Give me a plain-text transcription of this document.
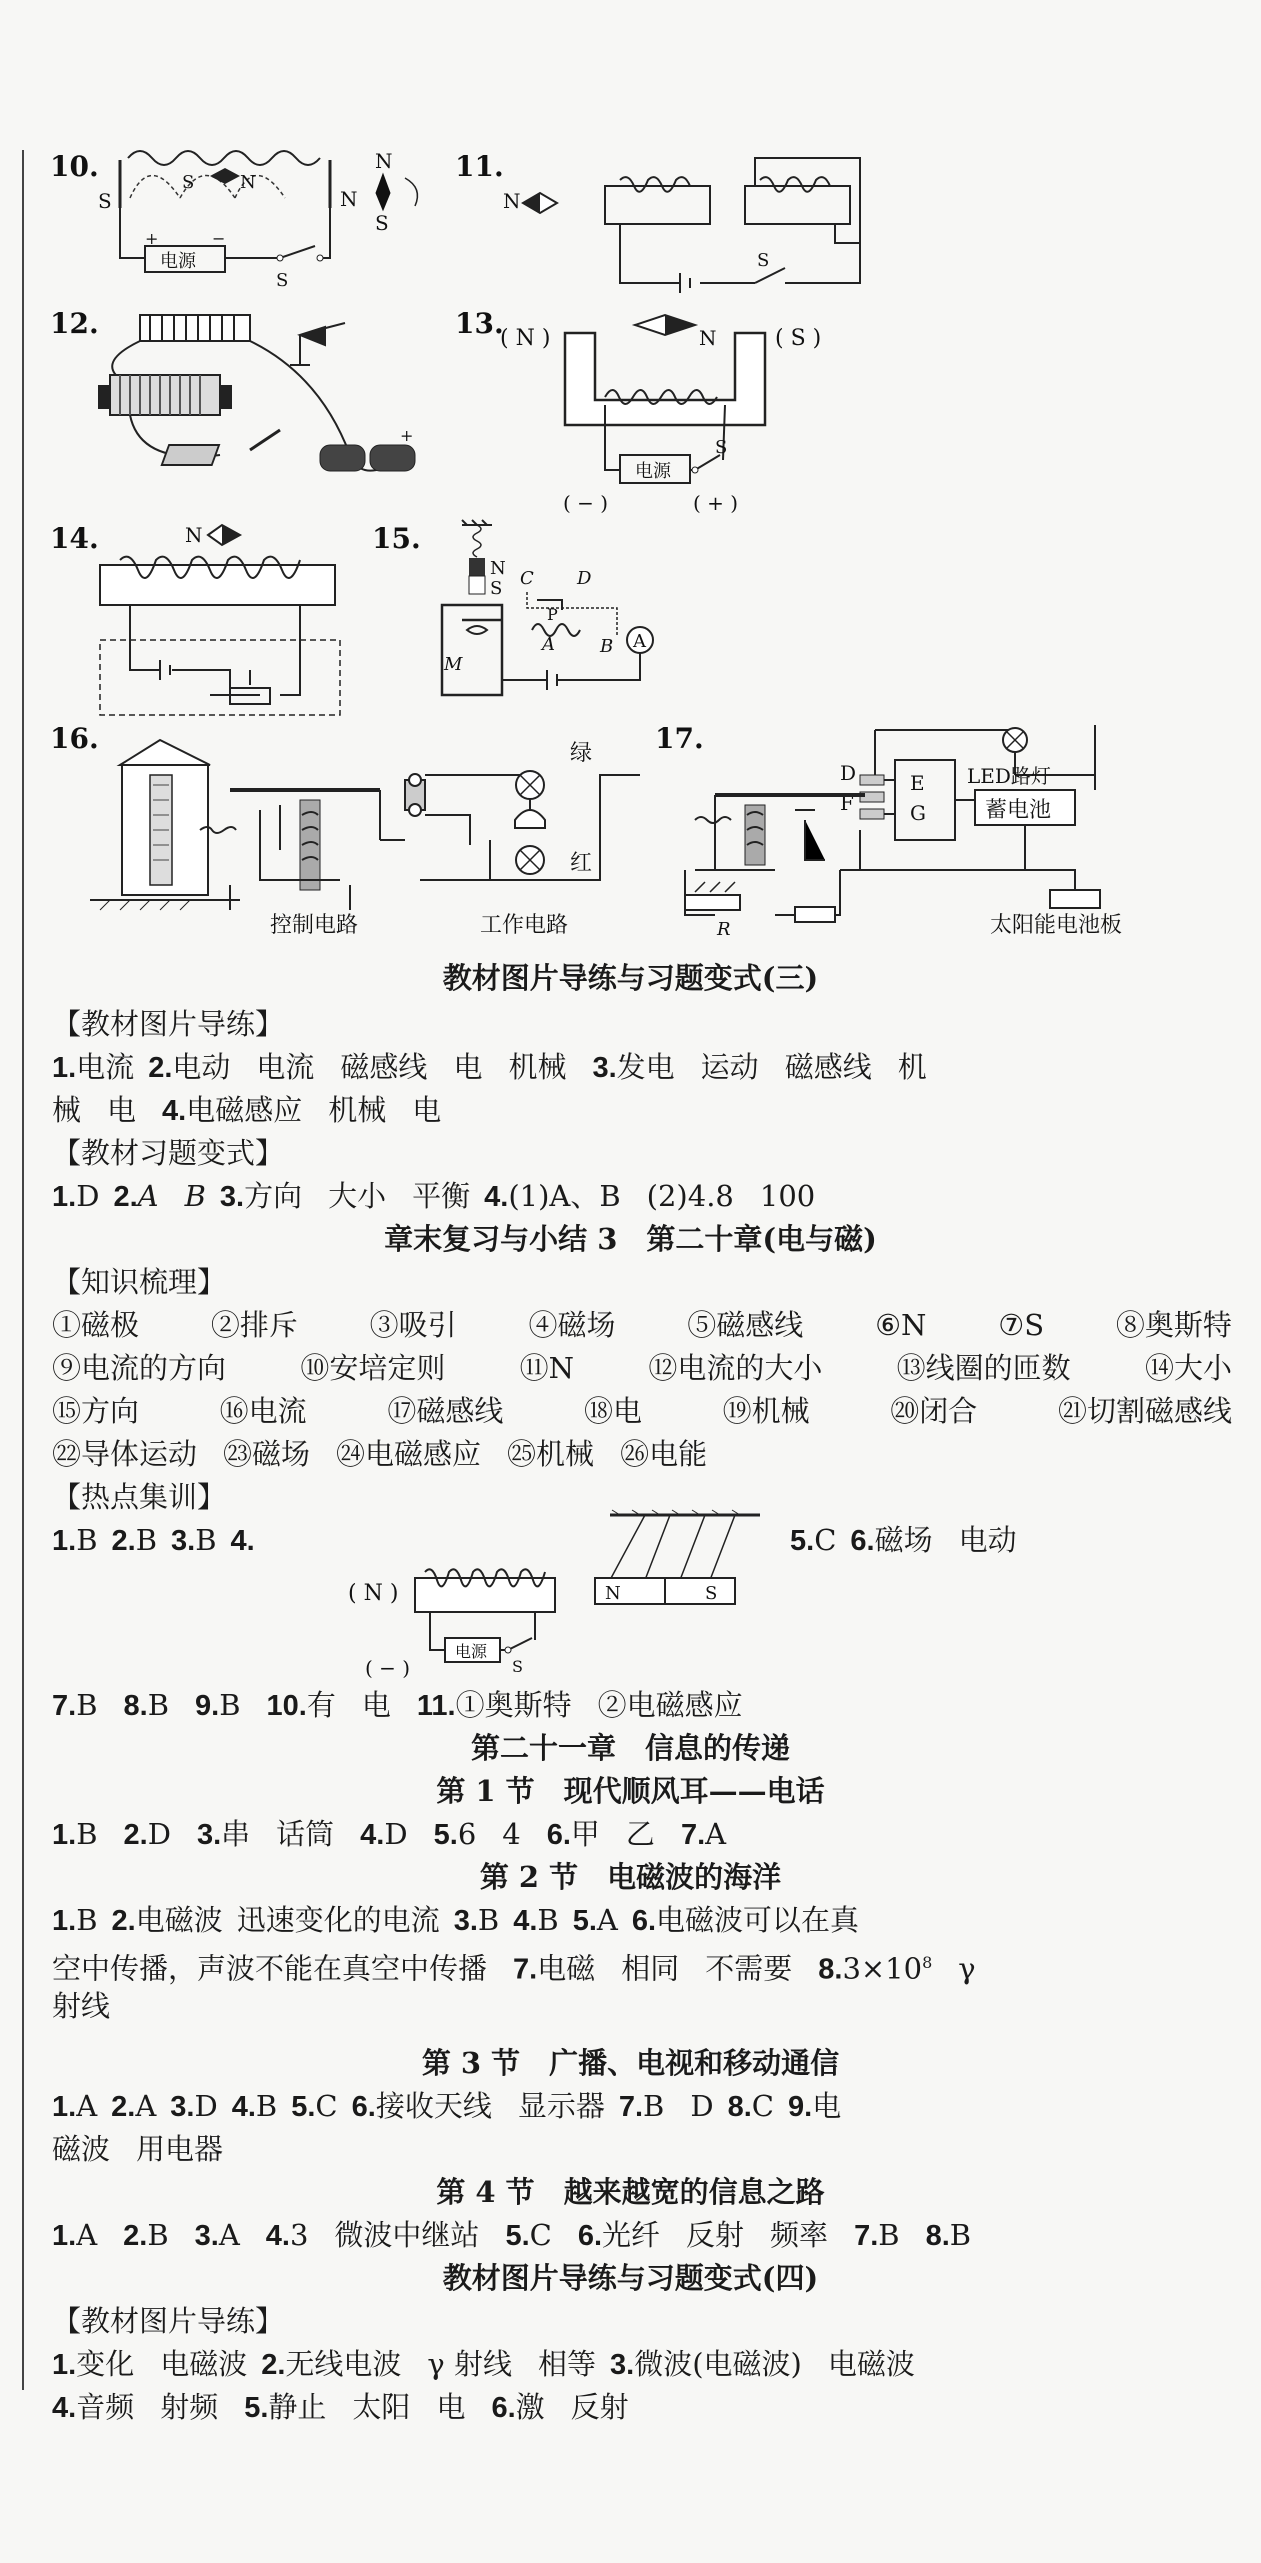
10.
S	N
S	N
N
S
电源
+	−
S
11.
N
S
12.
+
13.
( N )	N	( S )
电源
S
( − )	( + )
14.	N	15.
N
S C D
P
A	B A
M
16.	绿
红
控制电路	工作电路
17.
LED路灯
蓄电池
E
G
D
F
R	太阳能电池板
教材图片导练与习题变式(三)
【教材图片导练】
1.电流 2.电动 电流 磁感线 电 机械 3.发电 运动 磁感线 机
械 电 4.电磁感应 机械 电
【教材习题变式】
1.D 2.A B 3.方向 大小 平衡 4.(1)A、B (2)4.8 100
章末复习与小结 3　第二十章(电与磁)
【知识梳理】
①磁极 ②排斥 ③吸引 ④磁场 ⑤磁感线 ⑥N ⑦S ⑧奥斯特
⑨电流的方向	⑩安培定则	⑪N	⑫电流的大小	⑬线圈的匝数	⑭大小
⑮方向	⑯电流	⑰磁感线	⑱电	⑲机械	⑳闭合	㉑切割磁感线
㉒导体运动 ㉓磁场 ㉔电磁感应 ㉕机械 ㉖电能
【热点集训】
1.B 2.B 3.B 4.	5.C 6.磁场 电动
N	S
( N )
电源
S
( − )
7.B 8.B 9.B 10.有 电 11.①奥斯特 ②电磁感应
第二十一章　信息的传递
第 1 节　现代顺风耳——电话
1.B 2.D 3.串 话筒 4.D 5.6 4 6.甲 乙 7.A
第 2 节　电磁波的海洋
1.B 2.电磁波 迅速变化的电流 3.B 4.B 5.A 6.电磁波可以在真
空中传播，声波不能在真空中传播 7.电磁 相同 不需要 $8.3\times 10^8$ γ
射线
第 3 节　广播、电视和移动通信
1.A 2.A 3.D 4.B 5.C 6.接收天线 显示器 7.B D 8.C 9.电
磁波 用电器
第 4 节　越来越宽的信息之路
1.A 2.B 3.A 4.3 微波中继站 5.C 6.光纤 反射 频率 7.B 8.B
教材图片导练与习题变式(四)
【教材图片导练】
1.变化 电磁波 2.无线电波 γ 射线 相等 3.微波(电磁波) 电磁波
4.音频 射频 5.静止 太阳 电 6.激 反射
